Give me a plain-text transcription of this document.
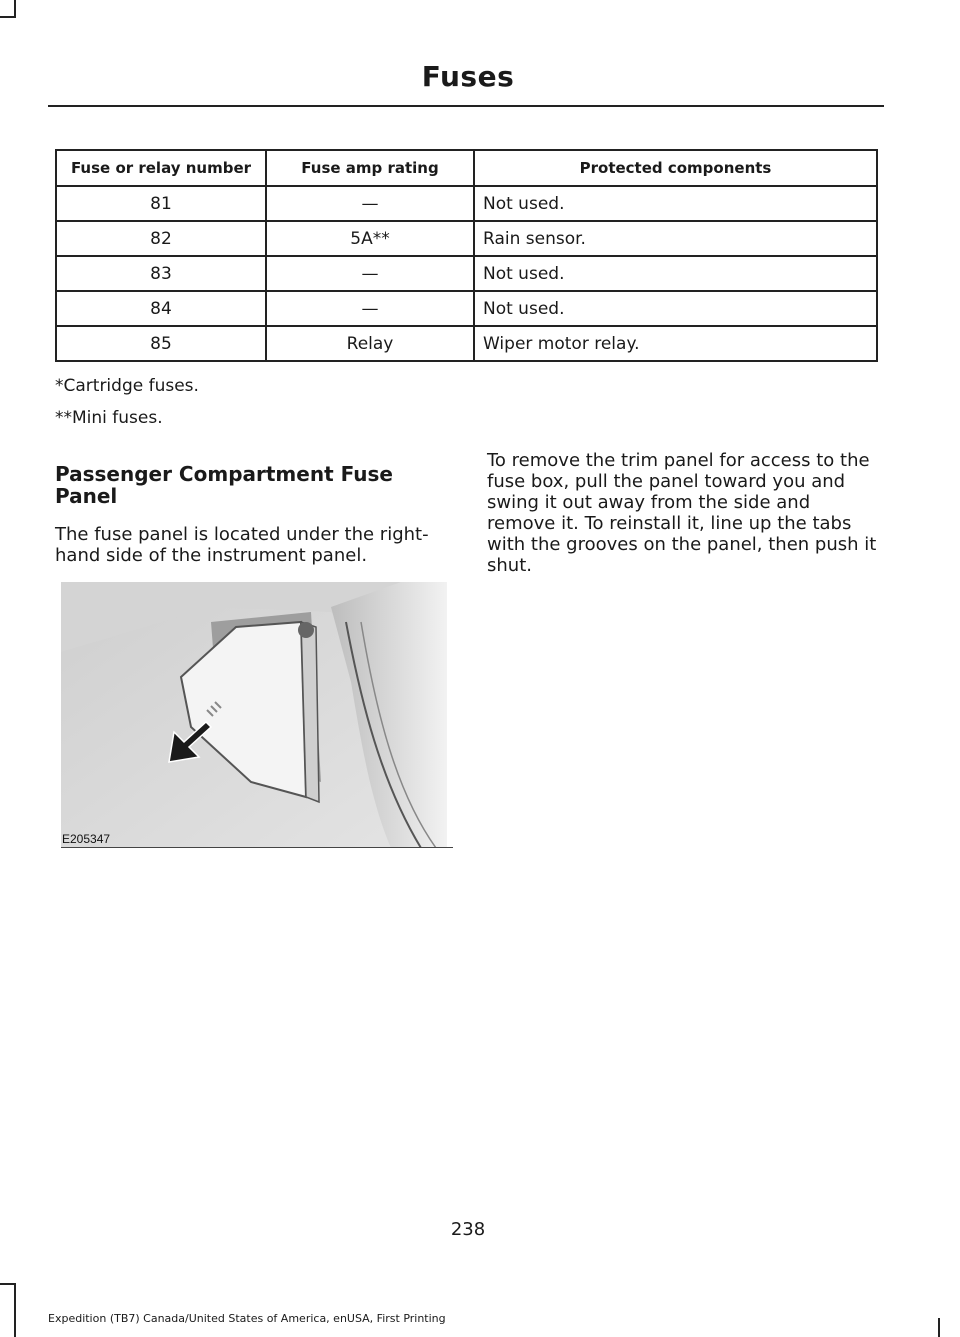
Fuses
Fuse or relay number	Fuse amp rating	Protected components
81	—	Not used.
82	5A**	Rain sensor.
83	—	Not used.
84	—	Not used.
85	Relay	Wiper motor relay.
*Cartridge fuses.
**Mini fuses.
Passenger Compartment Fuse Panel
The fuse panel is located under the right-hand side of the instrument panel.
To remove the trim panel for access to the fuse box, pull the panel toward you and swing it out away from the side and remove it. To reinstall it, line up the tabs with the grooves on the panel, then push it shut.
E205347
238
Expedition (TB7) Canada/United States of America, enUSA, First Printing
